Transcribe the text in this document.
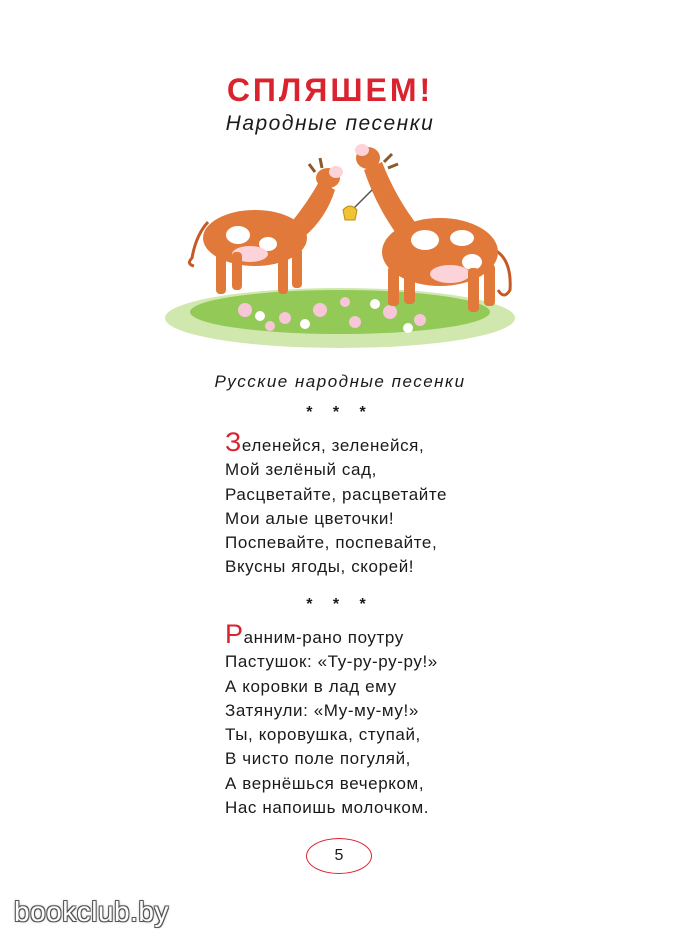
СПЛЯШЕМ!
Народные песенки
Русские народные песенки
* * *
Зеленейся, зеленейся,
Мой зелёный сад,
Расцветайте, расцветайте
Мои алые цветочки!
Поспевайте, поспевайте,
Вкусны ягоды, скорей!
* * *
Ранним-рано поутру
Пастушок: «Ту-ру-ру-ру!»
А коровки в лад ему
Затянули: «Му-му-му!»
Ты, коровушка, ступай,
В чисто поле погуляй,
А вернёшься вечерком,
Нас напоишь молочком.
5
bookclub.by
